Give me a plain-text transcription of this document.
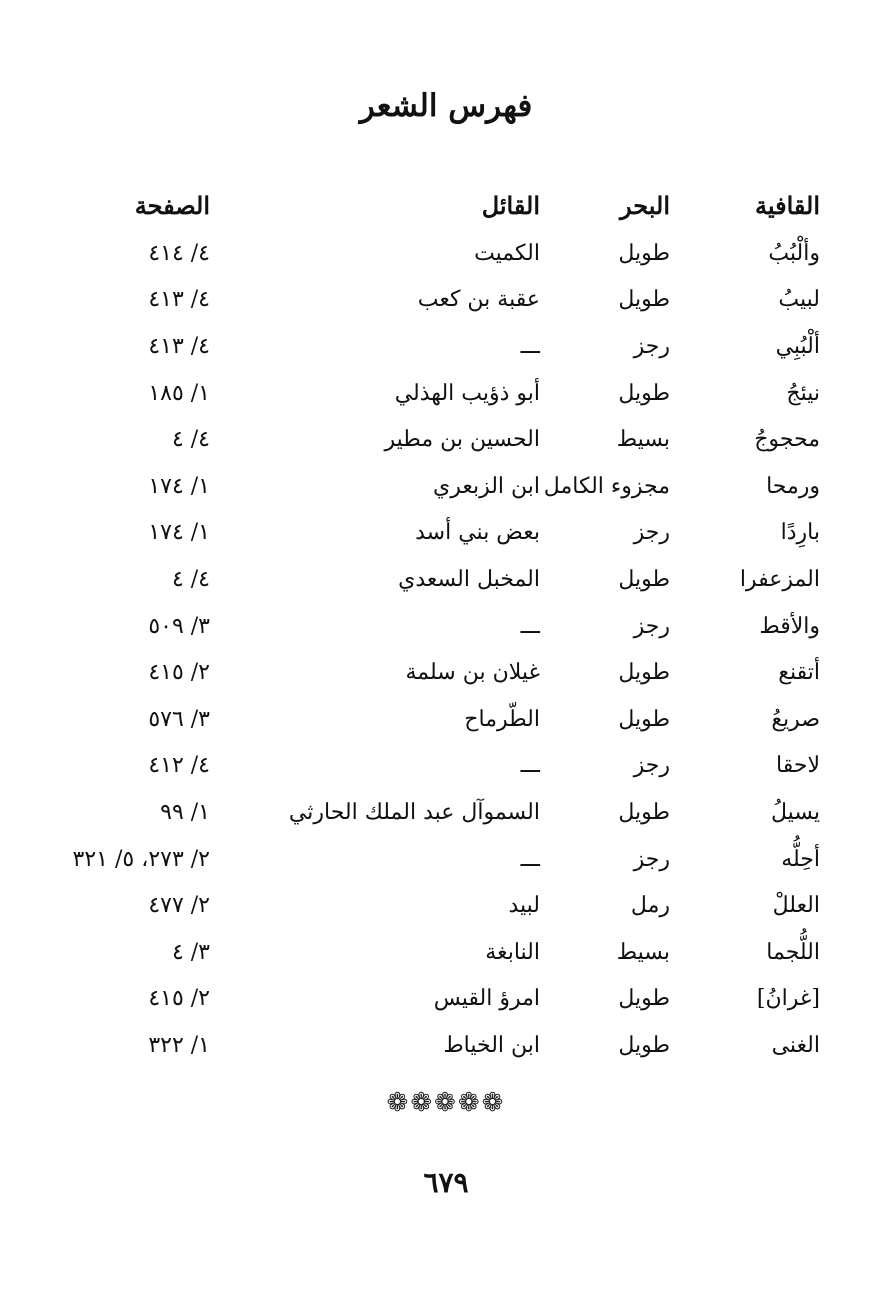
فهرس الشعر
القافية	البحر	القائل	الصفحة
وألْبُبُ	طويل	الكميت	٤/ ٤١٤
لبيبُ	طويل	عقبة بن كعب	٤/ ٤١٣
ألْبُبِي	رجز	ـــ	٤/ ٤١٣
نيئجُ	طويل	أبو ذؤيب الهذلي	١/ ١٨٥
محجوجُ	بسيط	الحسين بن مطير	٤/ ٤
ورمحا	مجزوء الكامل	ابن الزبعري	١/ ١٧٤
بارِدًا	رجز	بعض بني أسد	١/ ١٧٤
المزعفرا	طويل	المخبل السعدي	٤/ ٤
والأقط	رجز	ـــ	٣/ ٥٠٩
أتقنع	طويل	غيلان بن سلمة	٢/ ٤١٥
صريعُ	طويل	الطّرماح	٣/ ٥٧٦
لاحقا	رجز	ـــ	٤/ ٤١٢
يسيلُ	طويل	السموآل عبد الملك الحارثي	١/ ٩٩
أحِلُّه	رجز	ـــ	٢/ ٢٧٣، ٥/ ٣٢١
العللْ	رمل	لبيد	٢/ ٤٧٧
اللُّجما	بسيط	النابغة	٣/ ٤
[غرانُ]	طويل	امرؤ القيس	٢/ ٤١٥
الغنى	طويل	ابن الخياط	١/ ٣٢٢
❁❁❁❁❁
٦٧٩
